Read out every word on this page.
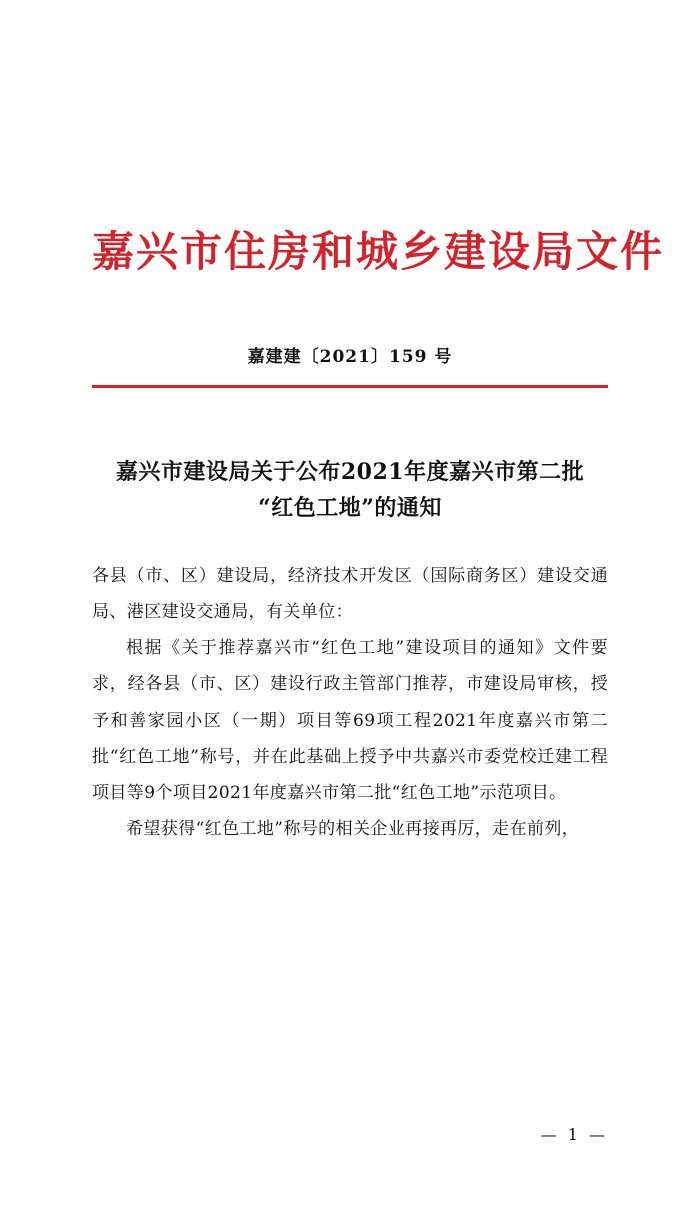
嘉兴市住房和城乡建设局文件
嘉建建〔2021〕159 号
嘉兴市建设局关于公布2021年度嘉兴市第二批
“红色工地”的通知

各县（市、区）建设局，经济技术开发区（国际商务区）建设交通局、港区建设交通局，有关单位：

根据《关于推荐嘉兴市“红色工地”建设项目的通知》文件要求，经各县（市、区）建设行政主管部门推荐，市建设局审核，授予和善家园小区（一期）项目等69项工程2021年度嘉兴市第二批“红色工地”称号，并在此基础上授予中共嘉兴市委党校迁建工程项目等9个项目2021年度嘉兴市第二批“红色工地”示范项目。

希望获得“红色工地”称号的相关企业再接再厉，走在前列，

— 1 —
